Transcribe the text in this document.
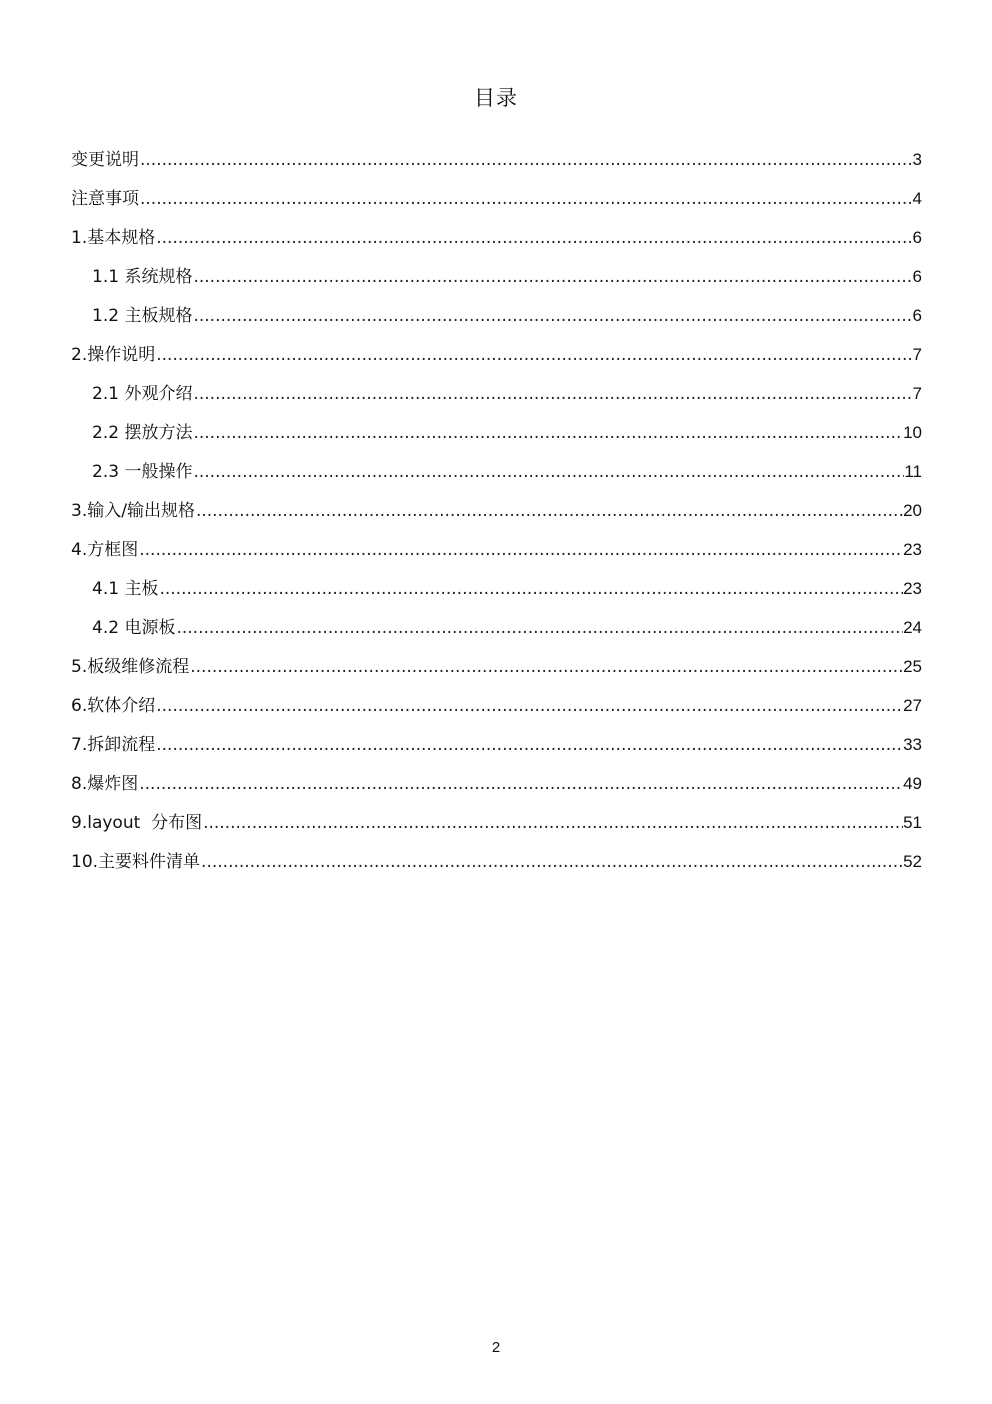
目录
变更说明 .....	3
注意事项 .....	4
1.基本规格 .....	6
1.1 系统规格 .....	6
1.2 主板规格 .....	6
2.操作说明 .....	7
2.1 外观介绍 .....	7
2.2 摆放方法 .....	10
2.3 一般操作 .....	11
3.输入/输出规格 .....	20
4.方框图 .....	23
4.1 主板 .....	23
4.2 电源板 .....	24
5.板级维修流程 .....	25
6.软体介绍 .....	27
7.拆卸流程 .....	33
8.爆炸图 .....	49
9.layout  分布图 .....	51
10.主要料件清单 .....	52
2
